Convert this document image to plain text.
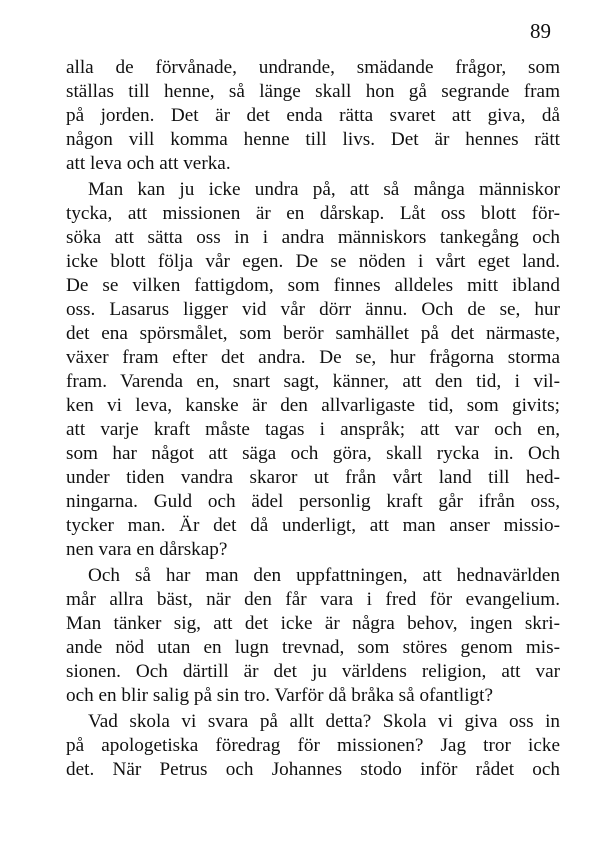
89
alla de förvånade, undrande, smädande frågor, som
ställas till henne, så länge skall hon gå segrande fram
på jorden. Det är det enda rätta svaret att giva, då
någon vill komma henne till livs. Det är hennes rätt
att leva och att verka.
Man kan ju icke undra på, att så många människor
tycka, att missionen är en dårskap. Låt oss blott för-
söka att sätta oss in i andra människors tankegång och
icke blott följa vår egen. De se nöden i vårt eget land.
De se vilken fattigdom, som finnes alldeles mitt ibland
oss. Lasarus ligger vid vår dörr ännu. Och de se, hur
det ena spörsmålet, som berör samhället på det närmaste,
växer fram efter det andra. De se, hur frågorna storma
fram. Varenda en, snart sagt, känner, att den tid, i vil-
ken vi leva, kanske är den allvarligaste tid, som givits;
att varje kraft måste tagas i anspråk; att var och en,
som har något att säga och göra, skall rycka in. Och
under tiden vandra skaror ut från vårt land till hed-
ningarna. Guld och ädel personlig kraft går ifrån oss,
tycker man. Är det då underligt, att man anser missio-
nen vara en dårskap?
Och så har man den uppfattningen, att hednavärlden
mår allra bäst, när den får vara i fred för evangelium.
Man tänker sig, att det icke är några behov, ingen skri-
ande nöd utan en lugn trevnad, som störes genom mis-
sionen. Och därtill är det ju världens religion, att var
och en blir salig på sin tro. Varför då bråka så ofantligt?
Vad skola vi svara på allt detta? Skola vi giva oss in
på apologetiska föredrag för missionen? Jag tror icke
det. När Petrus och Johannes stodo inför rådet och
